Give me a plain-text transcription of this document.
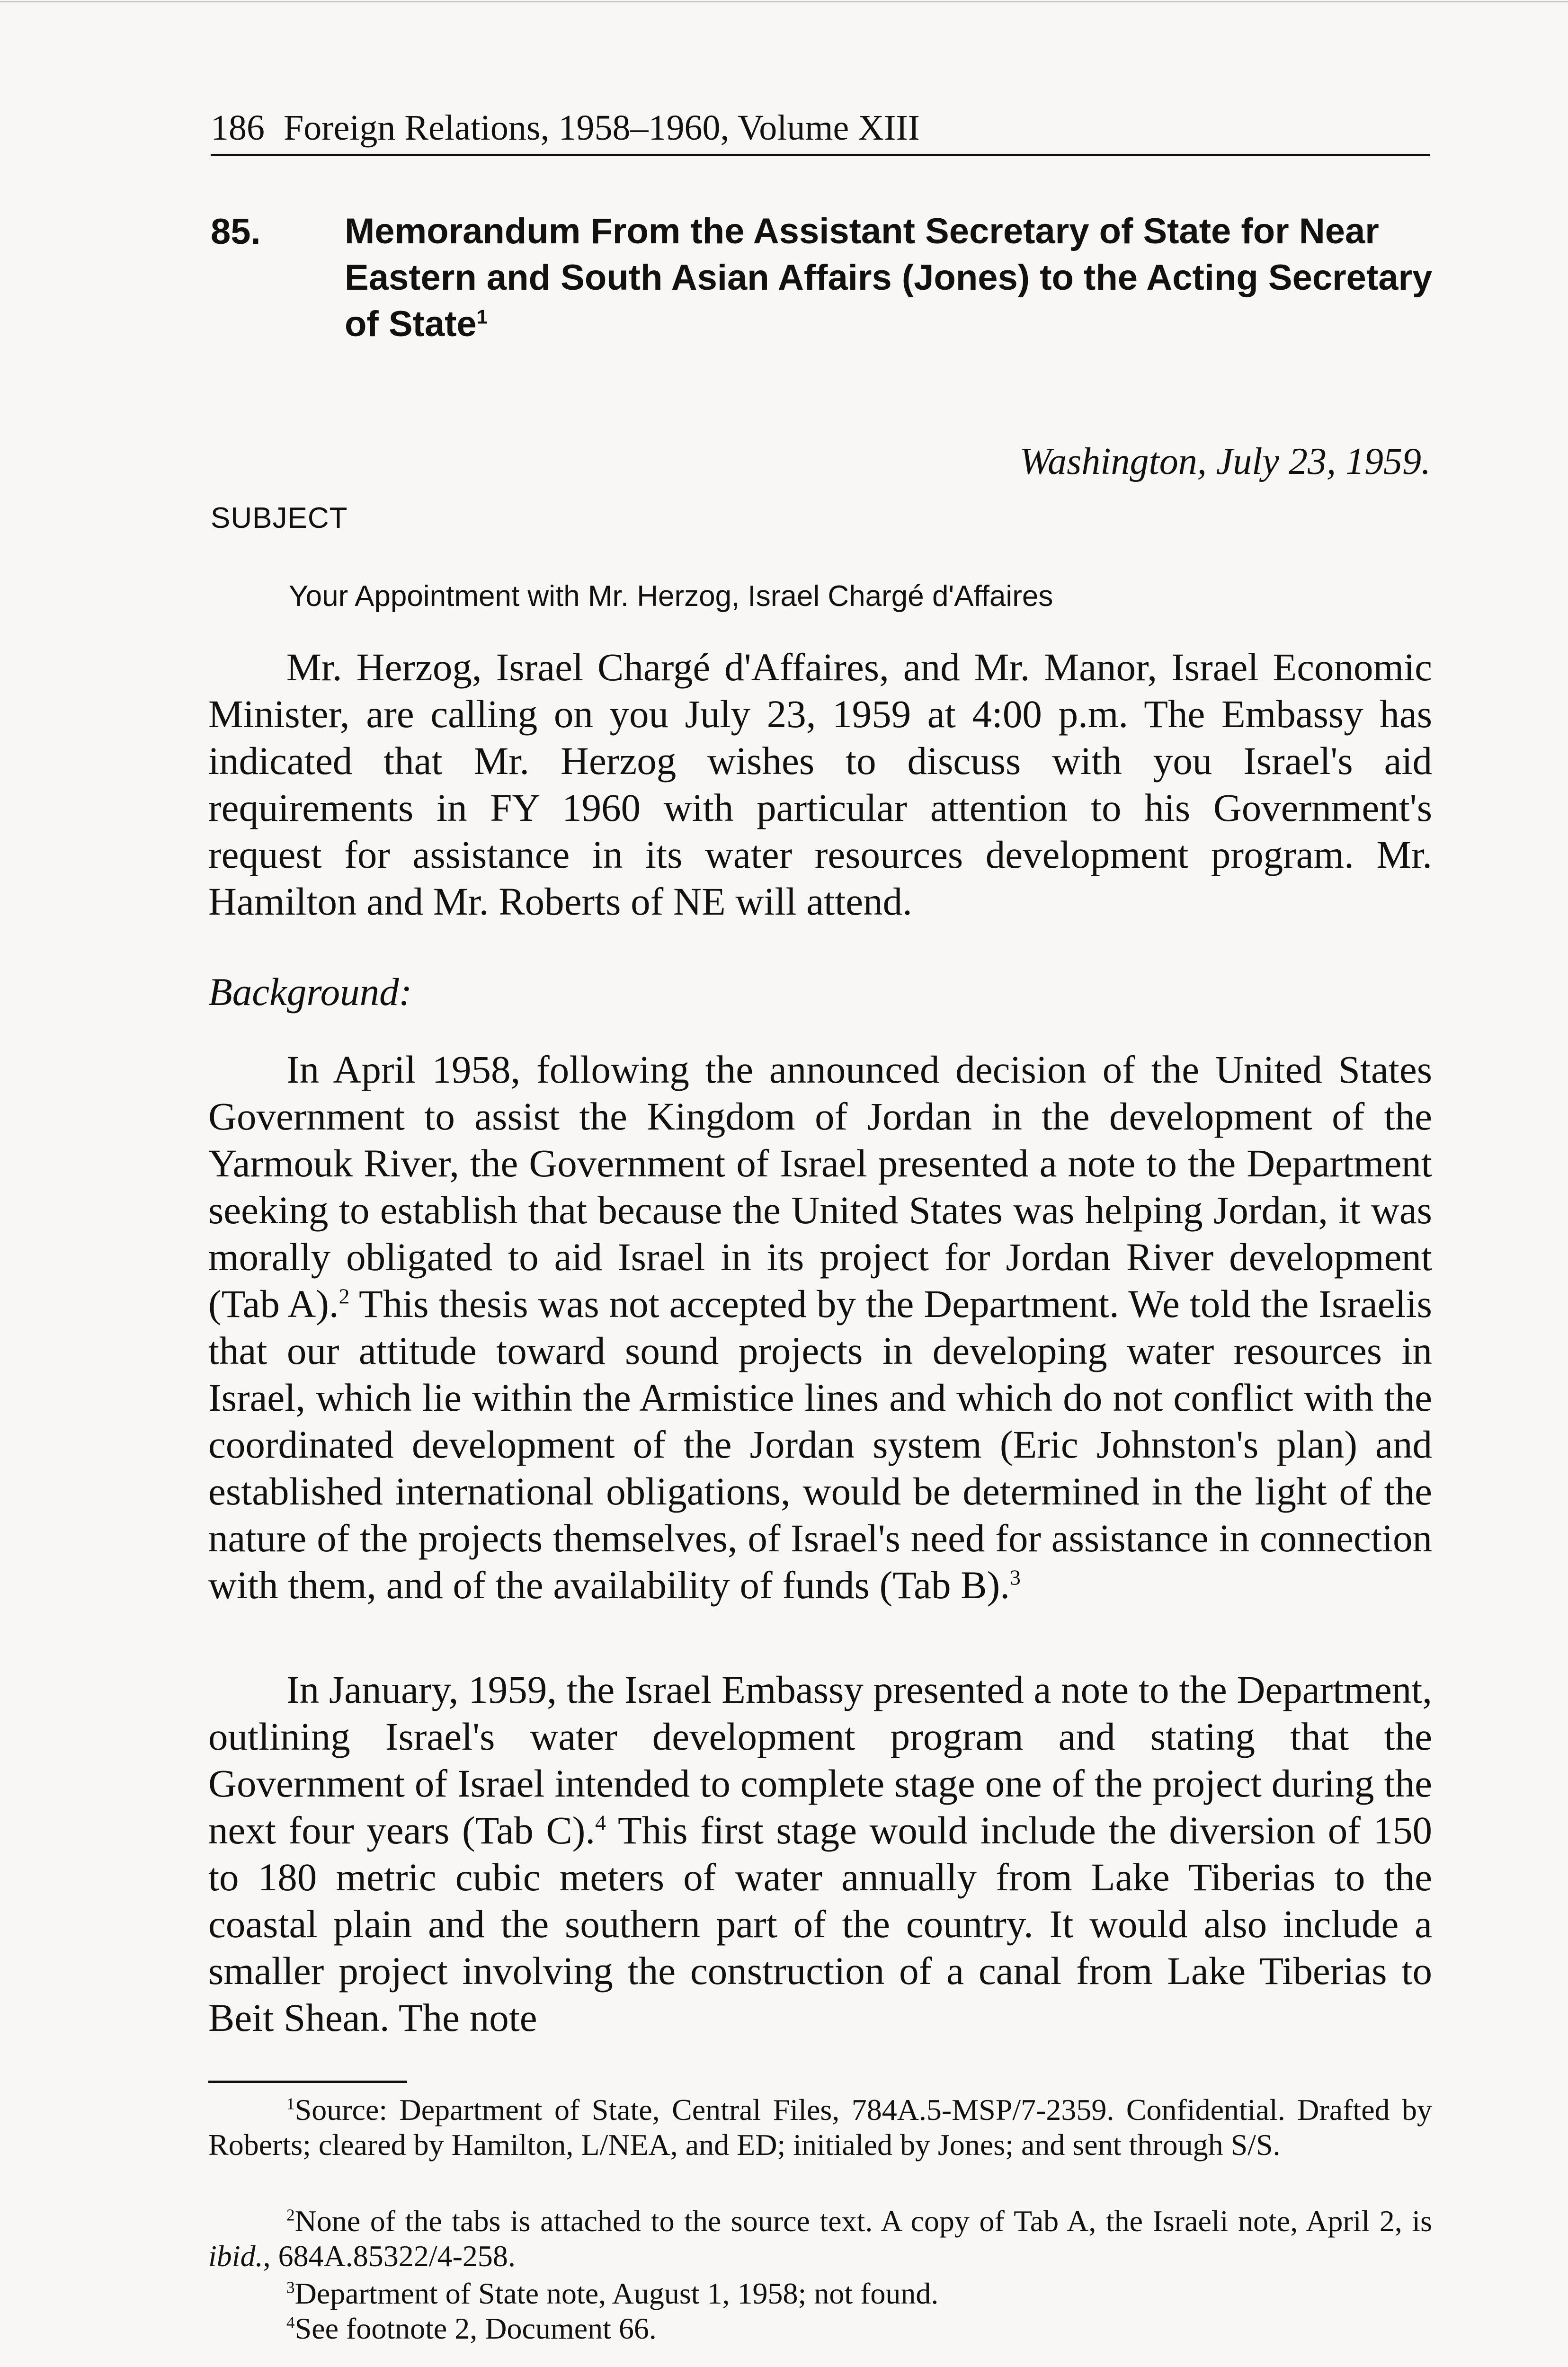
186 Foreign Relations, 1958–1960, Volume XIII
85. Memorandum From the Assistant Secretary of State for Near Eastern and South Asian Affairs (Jones) to the Acting Secretary of State$^1$
Washington, July 23, 1959.
SUBJECT
Your Appointment with Mr. Herzog, Israel Chargé d'Affaires

Mr. Herzog, Israel Chargé d'Affaires, and Mr. Manor, Israel Economic Minister, are calling on you July 23, 1959 at 4:00 p.m. The Embassy has indicated that Mr. Herzog wishes to discuss with you Israel's aid requirements in FY 1960 with particular attention to his Government's request for assistance in its water resources development program. Mr. Hamilton and Mr. Roberts of NE will attend.

Background:

In April 1958, following the announced decision of the United States Government to assist the Kingdom of Jordan in the development of the Yarmouk River, the Government of Israel presented a note to the Department seeking to establish that because the United States was helping Jordan, it was morally obligated to aid Israel in its project for Jordan River development (Tab A).$^2$ This thesis was not accepted by the Department. We told the Israelis that our attitude toward sound projects in developing water resources in Israel, which lie within the Armistice lines and which do not conflict with the coordinated development of the Jordan system (Eric Johnston's plan) and established international obligations, would be determined in the light of the nature of the projects themselves, of Israel's need for assistance in connection with them, and of the availability of funds (Tab B).$^3$

In January, 1959, the Israel Embassy presented a note to the Department, outlining Israel's water development program and stating that the Government of Israel intended to complete stage one of the project during the next four years (Tab C).$^4$ This first stage would include the diversion of 150 to 180 metric cubic meters of water annually from Lake Tiberias to the coastal plain and the southern part of the country. It would also include a smaller project involving the construction of a canal from Lake Tiberias to Beit Shean. The note

$^1$Source: Department of State, Central Files, 784A.5-MSP/7-2359. Confidential. Drafted by Roberts; cleared by Hamilton, L/NEA, and ED; initialed by Jones; and sent through S/S.

$^2$None of the tabs is attached to the source text. A copy of Tab A, the Israeli note, April 2, is ibid., 684A.85322/4-258.

$^3$Department of State note, August 1, 1958; not found.

$^4$See footnote 2, Document 66.
